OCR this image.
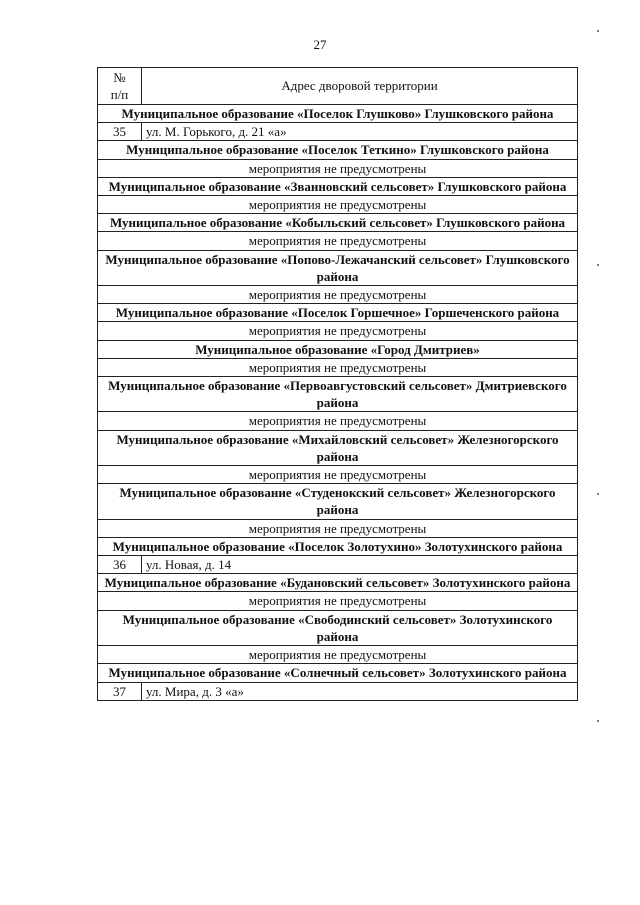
27
№
п/п	Адрес дворовой территории
Муниципальное образование «Поселок Глушково» Глушковского района	
35	ул. М. Горького, д. 21 «а»
Муниципальное образование «Поселок Теткино» Глушковского района	
мероприятия не предусмотрены	
Муниципальное образование «Званновский сельсовет» Глушковского района	
мероприятия не предусмотрены	
Муниципальное образование «Кобыльский сельсовет» Глушковского района	
мероприятия не предусмотрены	
Муниципальное образование «Попово-Лежачанский сельсовет» Глушковского района	
мероприятия не предусмотрены	
Муниципальное образование «Поселок Горшечное» Горшеченского района	
мероприятия не предусмотрены	
Муниципальное образование «Город Дмитриев»	
мероприятия не предусмотрены	
Муниципальное образование «Первоавгустовский сельсовет» Дмитриевского района	
мероприятия не предусмотрены	
Муниципальное образование «Михайловский сельсовет» Железногорского района	
мероприятия не предусмотрены	
Муниципальное образование «Студенокский сельсовет» Железногорского района	
мероприятия не предусмотрены	
Муниципальное образование «Поселок Золотухино» Золотухинского района	
36	ул. Новая, д. 14
Муниципальное образование «Будановский сельсовет» Золотухинского района	
мероприятия не предусмотрены	
Муниципальное образование «Свободинский сельсовет» Золотухинского района	
мероприятия не предусмотрены	
Муниципальное образование «Солнечный сельсовет» Золотухинского района	
37	ул. Мира, д. 3 «а»
